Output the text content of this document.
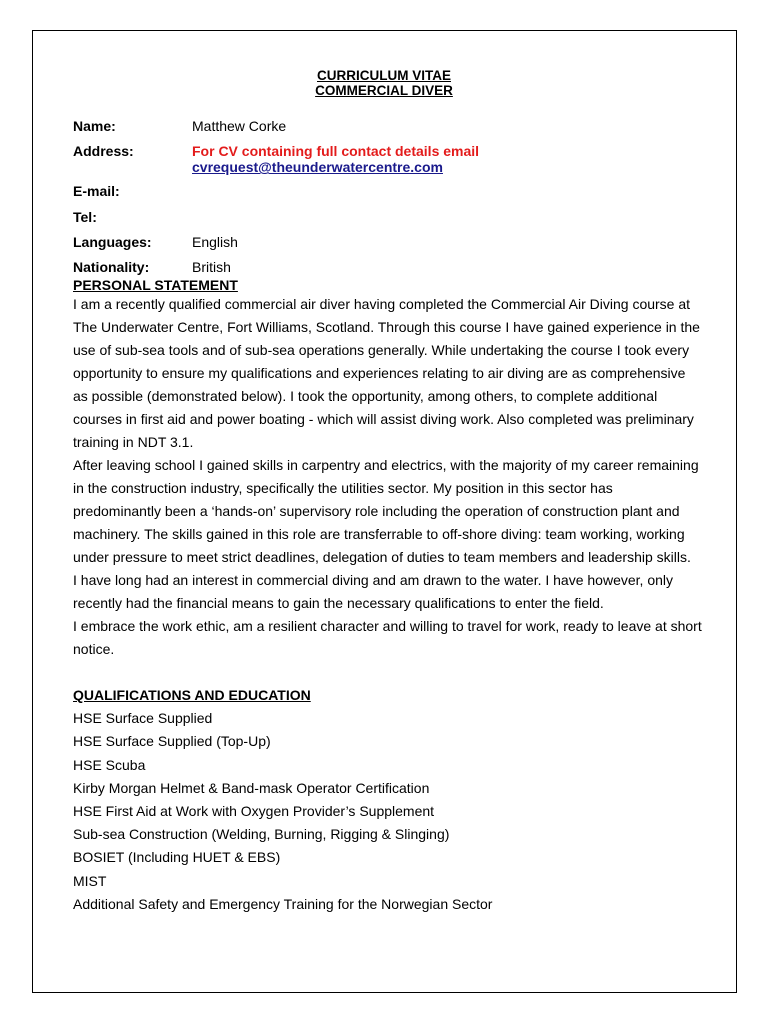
CURRICULUM VITAE
COMMERCIAL DIVER
Name:	Matthew Corke
Address:	For CV containing full contact details email
cvrequest@theunderwatercentre.com
E-mail:
Tel:
Languages:	English
Nationality:	British
PERSONAL STATEMENT

I am a recently qualified commercial air diver having completed the Commercial Air Diving course at The Underwater Centre, Fort Williams, Scotland. Through this course I have gained experience in the use of sub-sea tools and of sub-sea operations generally. While undertaking the course I took every opportunity to ensure my qualifications and experiences relating to air diving are as comprehensive as possible (demonstrated below). I took the opportunity, among others, to complete additional courses in first aid and power boating - which will assist diving work. Also completed was preliminary training in NDT 3.1.

After leaving school I gained skills in carpentry and electrics, with the majority of my career remaining in the construction industry, specifically the utilities sector. My position in this sector has predominantly been a ‘hands-on’ supervisory role including the operation of construction plant and machinery. The skills gained in this role are transferrable to off-shore diving: team working, working under pressure to meet strict deadlines, delegation of duties to team members and leadership skills.

I have long had an interest in commercial diving and am drawn to the water. I have however, only recently had the financial means to gain the necessary qualifications to enter the field.

I embrace the work ethic, am a resilient character and willing to travel for work, ready to leave at short notice.

QUALIFICATIONS AND EDUCATION
HSE Surface Supplied
HSE Surface Supplied (Top-Up)
HSE Scuba
Kirby Morgan Helmet & Band-mask Operator Certification
HSE First Aid at Work with Oxygen Provider’s Supplement
Sub-sea Construction (Welding, Burning, Rigging & Slinging)
BOSIET (Including HUET & EBS)
MIST
Additional Safety and Emergency Training for the Norwegian Sector
